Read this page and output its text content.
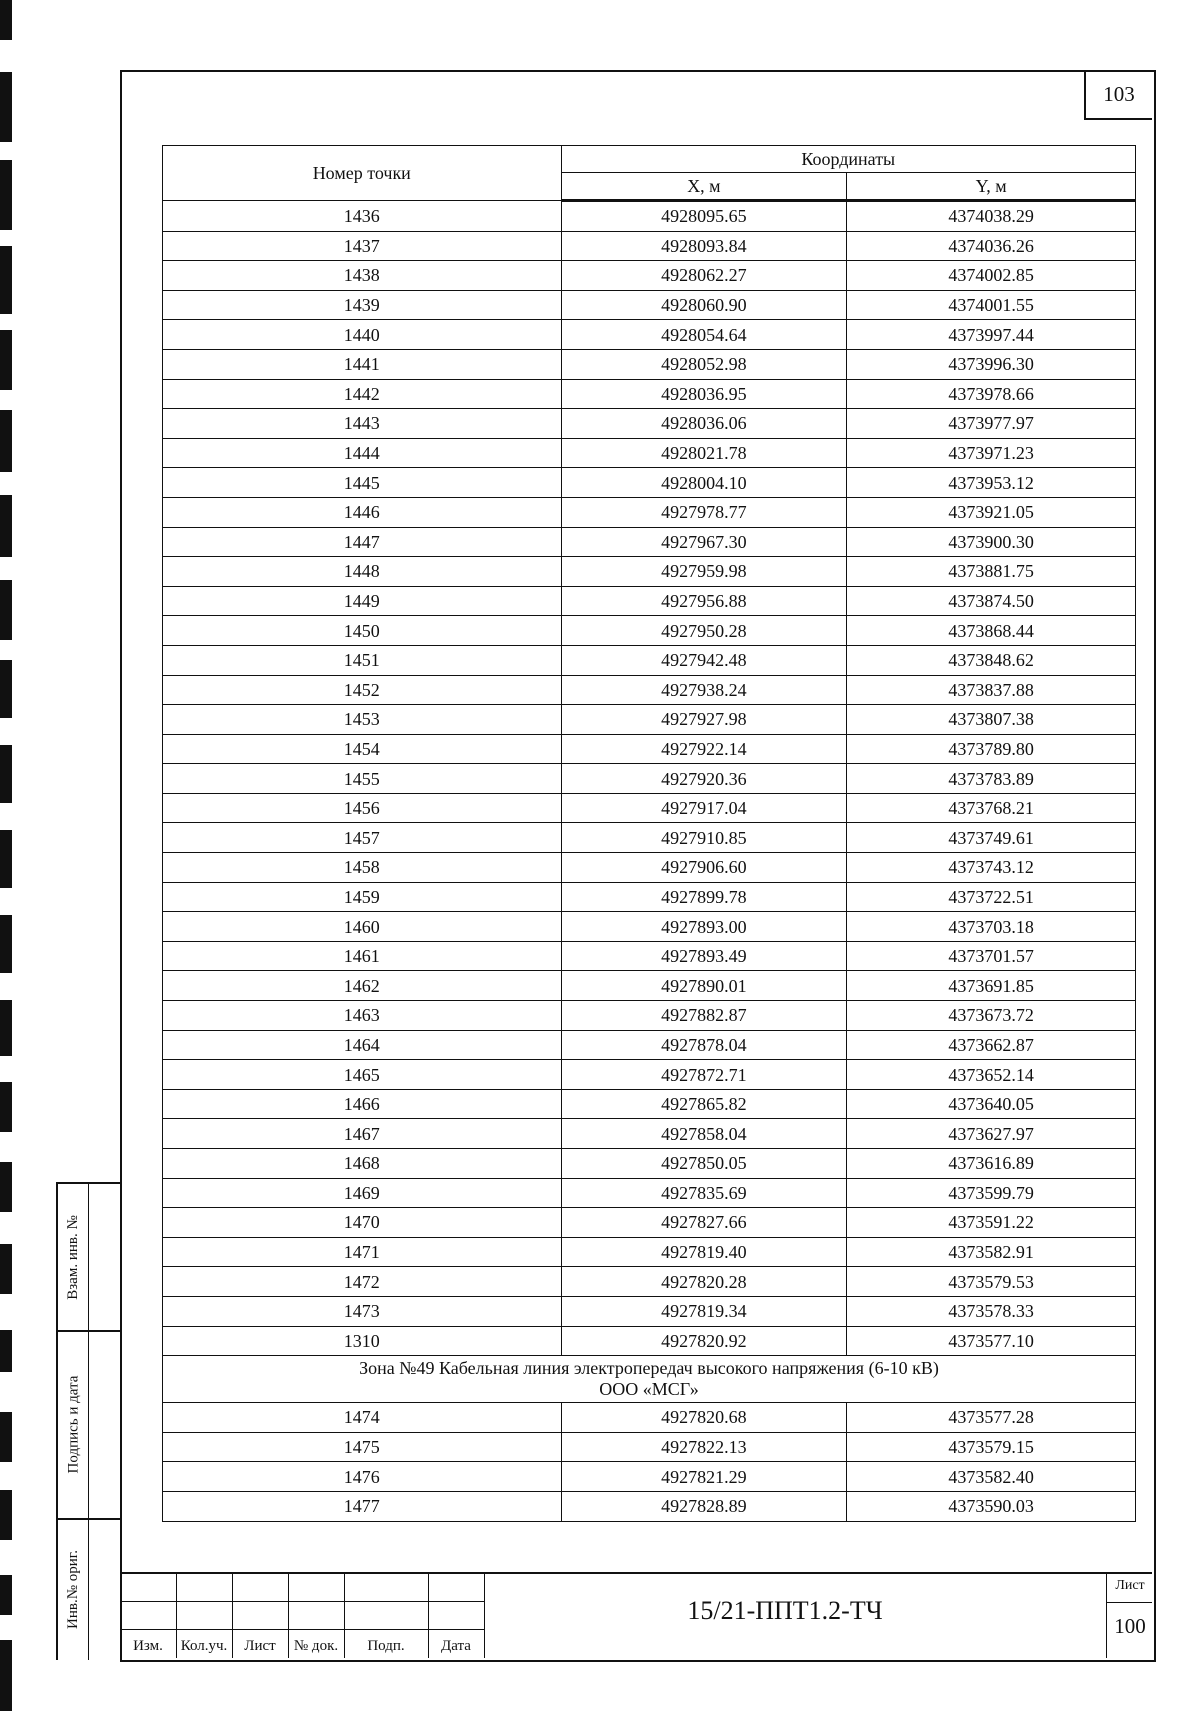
103
Номер точки	Координаты	
	X, м	Y, м
1436	4928095.65	4374038.29
1437	4928093.84	4374036.26
1438	4928062.27	4374002.85
1439	4928060.90	4374001.55
1440	4928054.64	4373997.44
1441	4928052.98	4373996.30
1442	4928036.95	4373978.66
1443	4928036.06	4373977.97
1444	4928021.78	4373971.23
1445	4928004.10	4373953.12
1446	4927978.77	4373921.05
1447	4927967.30	4373900.30
1448	4927959.98	4373881.75
1449	4927956.88	4373874.50
1450	4927950.28	4373868.44
1451	4927942.48	4373848.62
1452	4927938.24	4373837.88
1453	4927927.98	4373807.38
1454	4927922.14	4373789.80
1455	4927920.36	4373783.89
1456	4927917.04	4373768.21
1457	4927910.85	4373749.61
1458	4927906.60	4373743.12
1459	4927899.78	4373722.51
1460	4927893.00	4373703.18
1461	4927893.49	4373701.57
1462	4927890.01	4373691.85
1463	4927882.87	4373673.72
1464	4927878.04	4373662.87
1465	4927872.71	4373652.14
1466	4927865.82	4373640.05
1467	4927858.04	4373627.97
1468	4927850.05	4373616.89
1469	4927835.69	4373599.79
1470	4927827.66	4373591.22
1471	4927819.40	4373582.91
1472	4927820.28	4373579.53
1473	4927819.34	4373578.33
1310	4927820.92	4373577.10

Зона №49 Кабельная линия электропередач высокого напряжения (6-10 кВ)
ООО «МСГ»		

1474	4927820.68	4373577.28
1475	4927822.13	4373579.15
1476	4927821.29	4373582.40
1477	4927828.89	4373590.03
Взам. инв. №
Подпись и дата
Инв.№ ориг.
Изм.	Кол.уч.	Лист	№ док.	Подп.	Дата
15/21-ППТ1.2-ТЧ
Лист
100
